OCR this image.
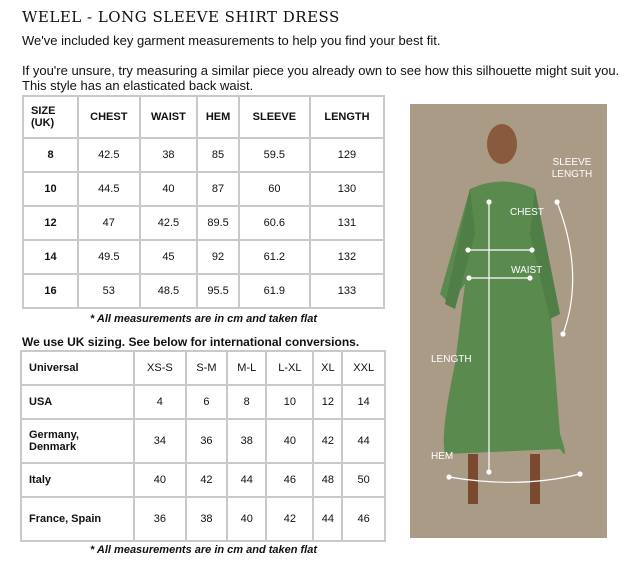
WELEL - LONG SLEEVE SHIRT DRESS
We've included key garment measurements to help you find your best fit.
If you're unsure, try measuring a similar piece you already own to see how this silhouette might suit you. This style has an elasticated back waist.
SIZE (UK)	CHEST	WAIST	HEM	SLEEVE	LENGTH
8	42.5	38	85	59.5	129
10	44.5	40	87	60	130
12	47	42.5	89.5	60.6	131
14	49.5	45	92	61.2	132
16	53	48.5	95.5	61.9	133
* All measurements are in cm and taken flat
We use UK sizing. See below for international conversions.
Universal	XS-S	S-M	M-L	L-XL	XL	XXL
USA	4	6	8	10	12	14
Germany, Denmark	34	36	38	40	42	44
Italy	40	42	44	46	48	50
France, Spain	36	38	40	42	44	46
* All measurements are in cm and taken flat
SLEEVE LENGTH
CHEST
WAIST
LENGTH
HEM
